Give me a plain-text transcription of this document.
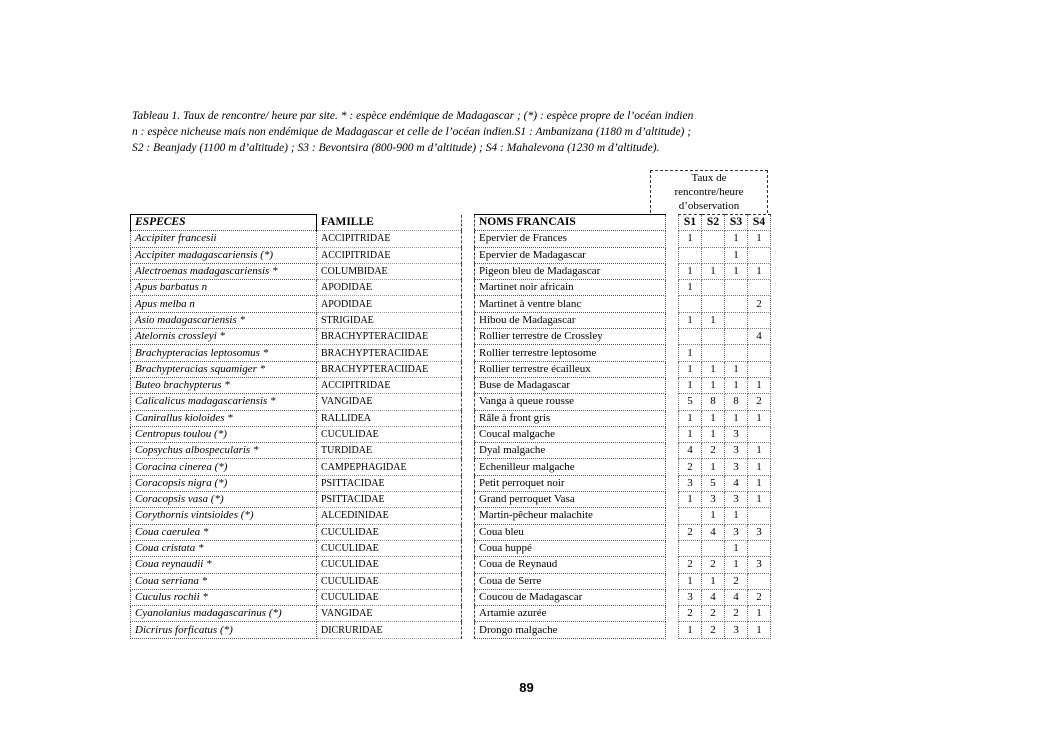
Tableau 1. Taux de rencontre/ heure par site. * : espèce endémique de Madagascar ; (*) : espèce propre de l’océan indien
n : espèce nicheuse mais non endémique de Madagascar et celle de l’océan indien.S1 : Ambanizana (1180 m d’altitude) ;
S2 : Beanjady (1100 m d’altitude) ; S3 : Bevontsira (800-900 m d’altitude) ; S4 : Mahalevona (1230 m d’altitude).
Taux de
rencontre/heure
d’observation
ESPECES	FAMILLE		NOMS FRANCAIS		S1	S2	S3	S4
Accipiter francesii	ACCIPITRIDAE		Epervier de Frances		1		1	1
Accipiter madagascariensis (*)	ACCIPITRIDAE		Epervier de Madagascar				1	
Alectroenas madagascariensis *	COLUMBIDAE		Pigeon bleu de Madagascar		1	1	1	1
Apus barbatus n	APODIDAE		Martinet noir africain		1			
Apus melba n	APODIDAE		Martinet à ventre blanc					2
Asio madagascariensis *	STRIGIDAE		Hibou de Madagascar		1	1		
Atelornis crossleyi *	BRACHYPTERACIIDAE		Rollier terrestre de Crossley					4
Brachypteracias leptosomus *	BRACHYPTERACIIDAE		Rollier terrestre leptosome		1			
Brachypteracias squamiger *	BRACHYPTERACIIDAE		Rollier terrestre écailleux		1	1	1	
Buteo brachypterus *	ACCIPITRIDAE		Buse de Madagascar		1	1	1	1
Calicalicus madagascariensis *	VANGIDAE		Vanga à queue rousse		5	8	8	2
Canirallus kioloides *	RALLIDEA		Râle à front gris		1	1	1	1
Centropus toulou (*)	CUCULIDAE		Coucal malgache		1	1	3	
Copsychus albospecularis *	TURDIDAE		Dyal malgache		4	2	3	1
Coracina cinerea (*)	CAMPEPHAGIDAE		Echenilleur malgache		2	1	3	1
Coracopsis nigra (*)	PSITTACIDAE		Petit perroquet noir		3	5	4	1
Coracopsis vasa (*)	PSITTACIDAE		Grand perroquet Vasa		1	3	3	1
Corythornis vintsioides (*)	ALCEDINIDAE		Martin-pêcheur malachite			1	1	
Coua caerulea *	CUCULIDAE		Coua bleu		2	4	3	3
Coua cristata *	CUCULIDAE		Coua huppé				1	
Coua reynaudii *	CUCULIDAE		Coua de Reynaud		2	2	1	3
Coua serriana *	CUCULIDAE		Coua de Serre		1	1	2	
Cuculus rochii *	CUCULIDAE		Coucou de Madagascar		3	4	4	2
Cyanolanius madagascarinus (*)	VANGIDAE		Artamie azurée		2	2	2	1
Dicrirus forficatus (*)	DICRURIDAE		Drongo malgache		1	2	3	1
89
